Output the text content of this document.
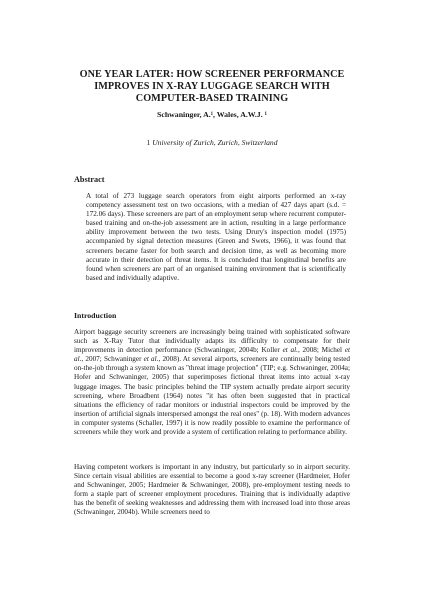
ONE YEAR LATER: HOW SCREENER PERFORMANCE
IMPROVES IN X-RAY LUGGAGE SEARCH WITH
COMPUTER-BASED TRAINING
Schwaninger, A.¹, Wales, A.W.J. ¹
1 University of Zurich, Zurich, Switzerland
Abstract
A total of 273 luggage search operators from eight airports performed an x-ray competency assessment test on two occasions, with a median of 427 days apart (s.d. = 172.06 days). These screeners are part of an employment setup where recurrent computer-based training and on-the-job assessment are in action, resulting in a large performance ability improvement between the two tests. Using Drury's inspection model (1975) accompanied by signal detection measures (Green and Swets, 1966), it was found that screeners became faster for both search and decision time, as well as becoming more accurate in their detection of threat items. It is concluded that longitudinal benefits are found when screeners are part of an organised training environment that is scientifically based and individually adaptive.
Introduction
Airport baggage security screeners are increasingly being trained with sophisticated software such as X-Ray Tutor that individually adapts its difficulty to compensate for their improvements in detection performance (Schwaninger, 2004b; Koller et al., 2008; Michel et al., 2007; Schwaninger et al., 2008). At several airports, screeners are continually being tested on-the-job through a system known as "threat image projection" (TIP; e.g. Schwaninger, 2004a; Hofer and Schwaninger, 2005) that superimposes fictional threat items into actual x-ray luggage images. The basic principles behind the TIP system actually predate airport security screening, where Broadbent (1964) notes "it has often been suggested that in practical situations the efficiency of radar monitors or industrial inspectors could be improved by the insertion of artificial signals interspersed amongst the real ones" (p. 18). With modern advances in computer systems (Schaller, 1997) it is now readily possible to examine the performance of screeners while they work and provide a system of certification relating to performance ability.
Having competent workers is important in any industry, but particularly so in airport security. Since certain visual abilities are essential to become a good x-ray screener (Hardmeier, Hofer and Schwaninger, 2005; Hardmeier & Schwaninger, 2008), pre-employment testing needs to form a staple part of screener employment procedures. Training that is individually adaptive has the benefit of seeking weaknesses and addressing them with increased load into those areas (Schwaninger, 2004b). While screeners need to
